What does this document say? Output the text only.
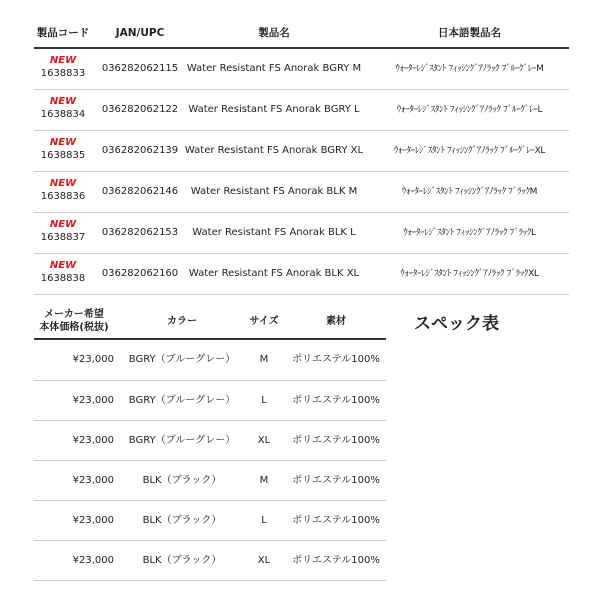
製品コード	JAN/UPC	製品名	日本語製品名
NEW
1638833	036282062115 Water Resistant FS Anorak BGRY M	ｳｫｰﾀｰﾚｼﾞｽﾀﾝﾄ ﾌｨｯｼﾝｸﾞｱﾉﾗｯｸ ﾌﾞﾙｰｸﾞﾚｰM
NEW
1638834	036282062122	Water Resistant FS Anorak BGRY L	ｳｫｰﾀｰﾚｼﾞｽﾀﾝﾄ ﾌｨｯｼﾝｸﾞｱﾉﾗｯｸ ﾌﾞﾙｰｸﾞﾚｰL
NEW
1638835	036282062139 Water Resistant FS Anorak BGRY XL	ｳｫｰﾀｰﾚｼﾞｽﾀﾝﾄ ﾌｨｯｼﾝｸﾞｱﾉﾗｯｸ ﾌﾞﾙｰｸﾞﾚｰXL
NEW
1638836	036282062146	Water Resistant FS Anorak BLK M	ｳｫｰﾀｰﾚｼﾞｽﾀﾝﾄ ﾌｨｯｼﾝｸﾞｱﾉﾗｯｸ ﾌﾞﾗｯｸM
NEW
1638837	036282062153	Water Resistant FS Anorak BLK L	ｳｫｰﾀｰﾚｼﾞｽﾀﾝﾄ ﾌｨｯｼﾝｸﾞｱﾉﾗｯｸ ﾌﾞﾗｯｸL
NEW
1638838	036282062160	Water Resistant FS Anorak BLK XL	ｳｫｰﾀｰﾚｼﾞｽﾀﾝﾄ ﾌｨｯｼﾝｸﾞｱﾉﾗｯｸ ﾌﾞﾗｯｸXL
メーカー希望
本体価格(税抜)
カラー	サイズ	素材
¥23,000	BGRY（ブルーグレー）	M	ポリエステル100%
¥23,000	BGRY（ブルーグレー）	L	ポリエステル100%
¥23,000	BGRY（ブルーグレー）	XL	ポリエステル100%
¥23,000	BLK（ブラック）	M	ポリエステル100%
¥23,000	BLK（ブラック）	L	ポリエステル100%
¥23,000	BLK（ブラック）	XL	ポリエステル100%
スペック表
